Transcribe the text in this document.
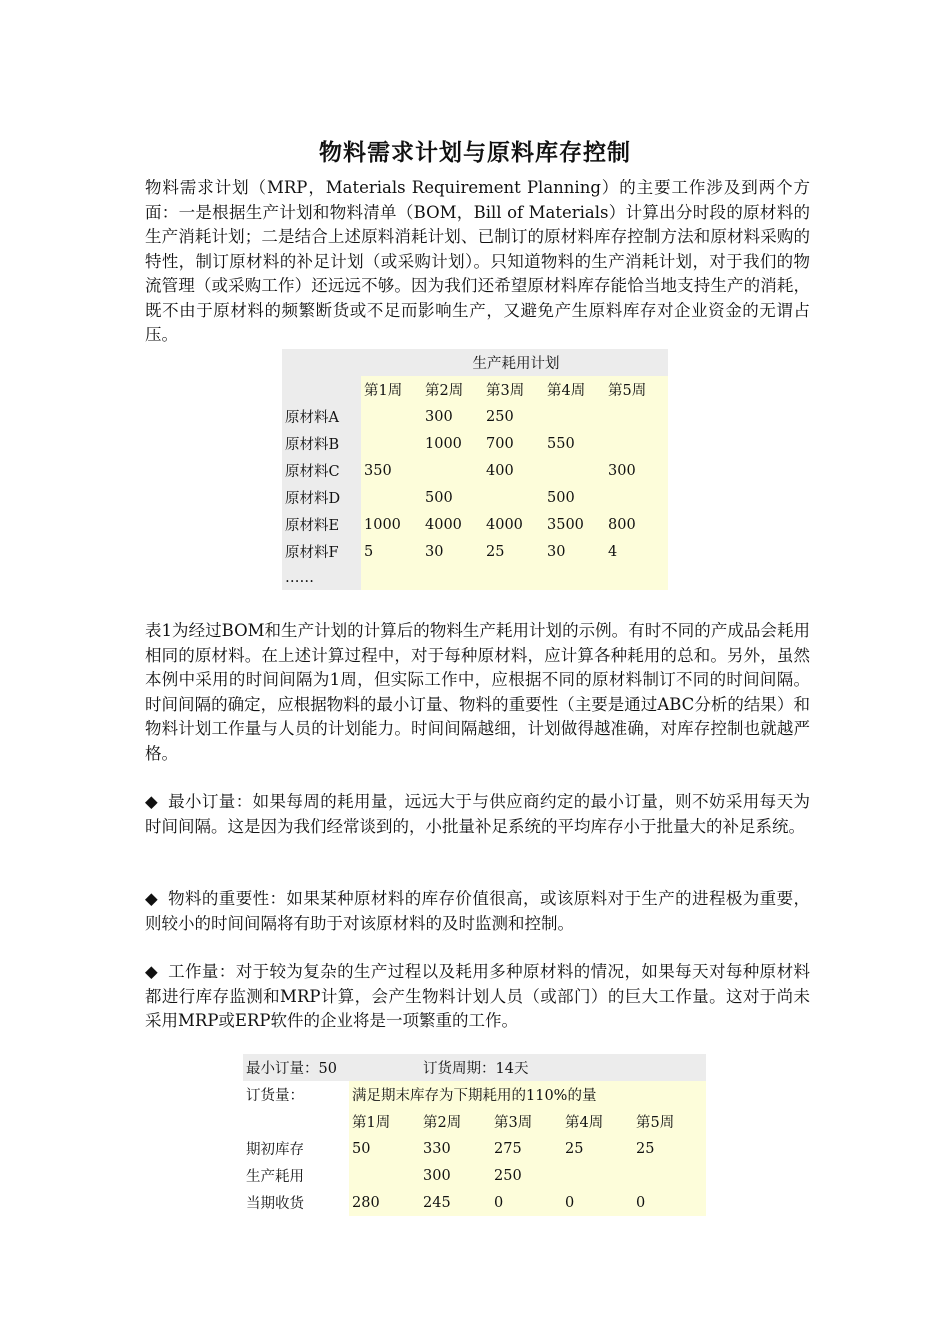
物料需求计划与原料库存控制

物料需求计划（MRP，Materials Requirement Planning）的主要工作涉及到两个方面：一是根据生产计划和物料清单（BOM，Bill of Materials）计算出分时段的原材料的生产消耗计划；二是结合上述原料消耗计划、已制订的原材料库存控制方法和原材料采购的特性，制订原材料的补足计划（或采购计划）。只知道物料的生产消耗计划，对于我们的物流管理（或采购工作）还远远不够。因为我们还希望原材料库存能恰当地支持生产的消耗，既不由于原材料的频繁断货或不足而影响生产，又避免产生原料库存对企业资金的无谓占压。

	生产耗用计划				
	第1周	第2周	第3周	第4周	第5周
原材料A		300	250		
原材料B		1000	700	550	
原材料C	350		400		300
原材料D		500		500	
原材料E	1000	4000	4000	3500	800
原材料F	5	30	25	30	4
……					

表1为经过BOM和生产计划的计算后的物料生产耗用计划的示例。有时不同的产成品会耗用相同的原材料。在上述计算过程中，对于每种原材料，应计算各种耗用的总和。另外，虽然本例中采用的时间间隔为1周，但实际工作中，应根据不同的原材料制订不同的时间间隔。时间间隔的确定，应根据物料的最小订量、物料的重要性（主要是通过ABC分析的结果）和物料计划工作量与人员的计划能力。时间间隔越细，计划做得越准确，对库存控制也就越严格。

◆ 最小订量：如果每周的耗用量，远远大于与供应商约定的最小订量，则不妨采用每天为时间间隔。这是因为我们经常谈到的，小批量补足系统的平均库存小于批量大的补足系统。

◆ 物料的重要性：如果某种原材料的库存价值很高，或该原料对于生产的进程极为重要，则较小的时间间隔将有助于对该原材料的及时监测和控制。

◆ 工作量：对于较为复杂的生产过程以及耗用多种原材料的情况，如果每天对每种原材料都进行库存监测和MRP计算，会产生物料计划人员（或部门）的巨大工作量。这对于尚未采用MRP或ERP软件的企业将是一项繁重的工作。

最小订量：50		订货周期：14天			
订货量：	满足期末库存为下期耗用的110%的量				
	第1周	第2周	第3周	第4周	第5周
期初库存	50	330	275	25	25
生产耗用		300	250		
当期收货	280	245	0	0	0
